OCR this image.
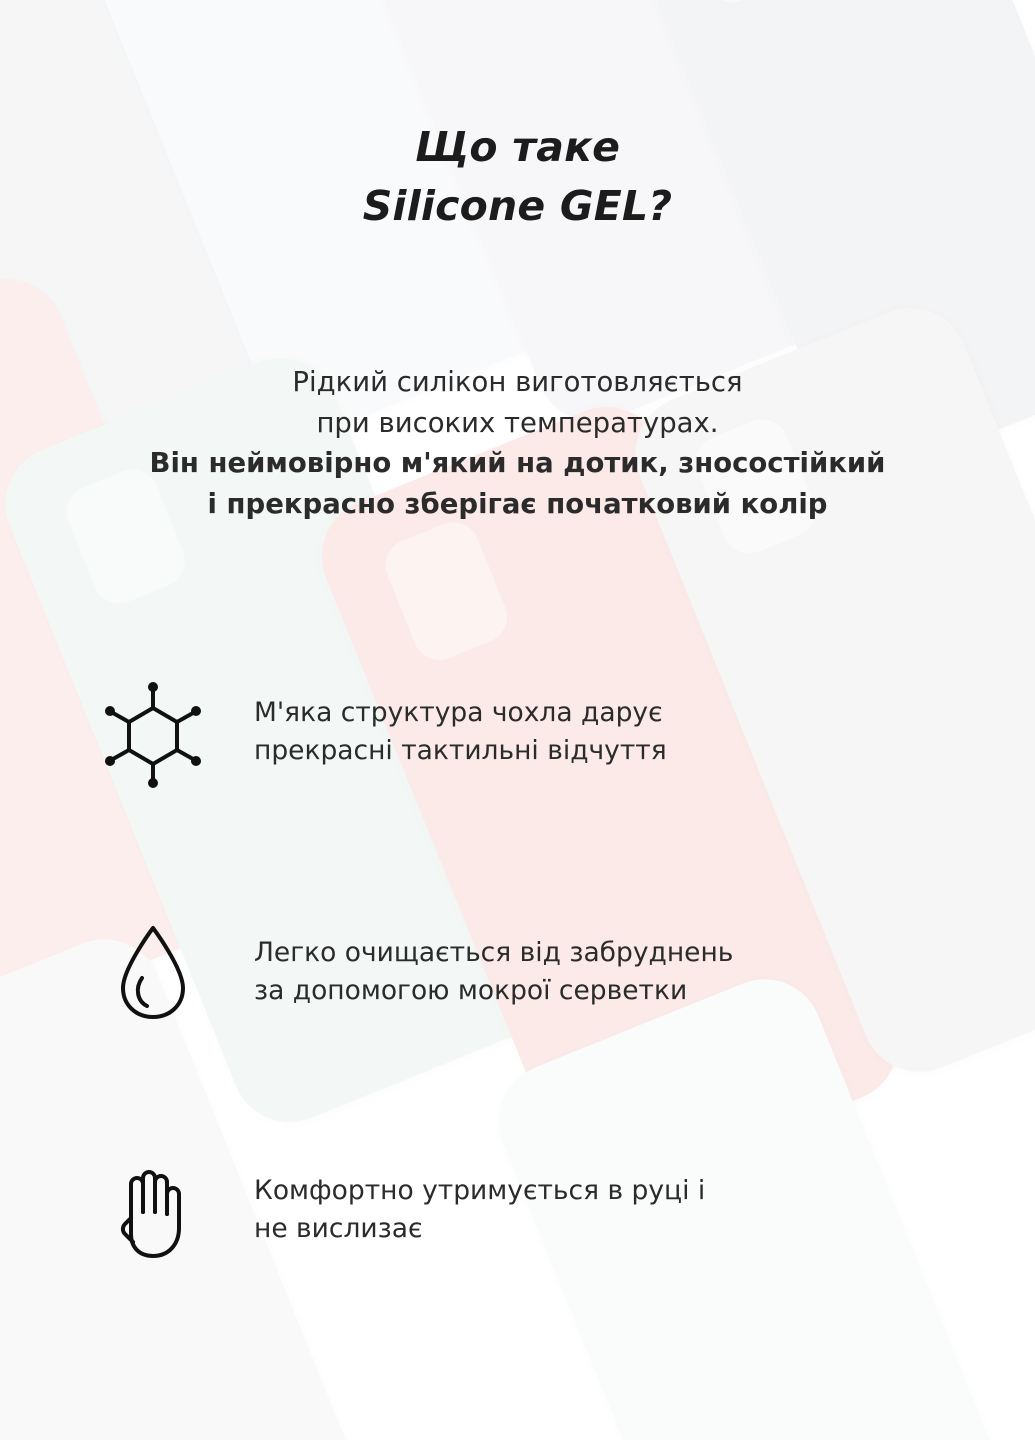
Що таке
Silicone GEL?
Рідкий силікон виготовляється
при високих температурах.
Він неймовірно м'який на дотик, зносостійкий
і прекрасно зберігає початковий колір
М'яка структура чохла дарує
прекрасні тактильні відчуття
Легко очищається від забруднень
за допомогою мокрої серветки
Комфортно утримується в руці і
не вислизає
